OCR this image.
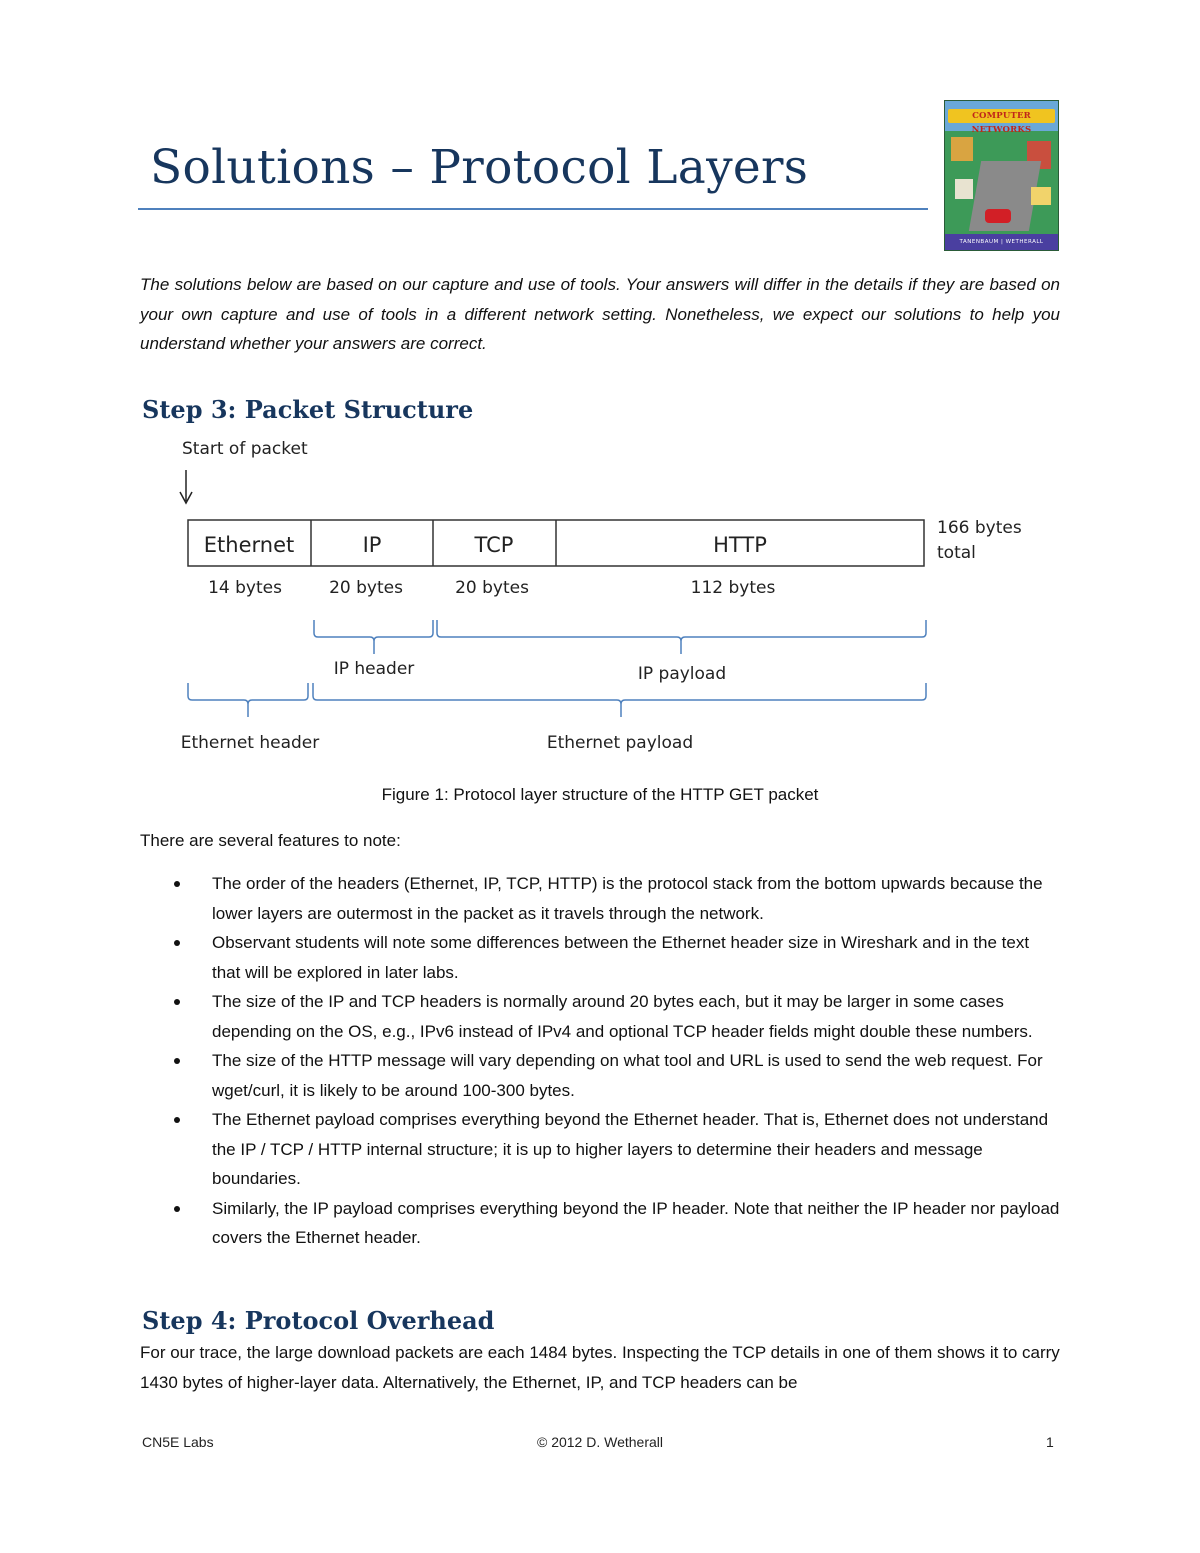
Solutions – Protocol Layers
COMPUTER NETWORKS
TANENBAUM | WETHERALL
The solutions below are based on our capture and use of tools. Your answers will differ in the details if they are based on your own capture and use of tools in a different network setting. Nonetheless, we expect our solutions to help you understand whether your answers are correct.
Step 3: Packet Structure
Start of packet
Ethernet	IP	TCP	HTTP
14 bytes	20 bytes	20 bytes	112 bytes
166 bytes
total
IP header	IP payload
Ethernet header	Ethernet payload
Figure 1: Protocol layer structure of the HTTP GET packet
There are several features to note:
The order of the headers (Ethernet, IP, TCP, HTTP) is the protocol stack from the bottom upwards because the lower layers are outermost in the packet as it travels through the network.
Observant students will note some differences between the Ethernet header size in Wireshark and in the text that will be explored in later labs.
The size of the IP and TCP headers is normally around 20 bytes each, but it may be larger in some cases depending on the OS, e.g., IPv6 instead of IPv4 and optional TCP header fields might double these numbers.
The size of the HTTP message will vary depending on what tool and URL is used to send the web request. For wget/curl, it is likely to be around 100-300 bytes.
The Ethernet payload comprises everything beyond the Ethernet header. That is, Ethernet does not understand the IP / TCP / HTTP internal structure; it is up to higher layers to determine their headers and message boundaries.
Similarly, the IP payload comprises everything beyond the IP header. Note that neither the IP header nor payload covers the Ethernet header.
Step 4: Protocol Overhead
For our trace, the large download packets are each 1484 bytes. Inspecting the TCP details in one of them shows it to carry 1430 bytes of higher-layer data. Alternatively, the Ethernet, IP, and TCP headers can be
CN5E Labs	© 2012 D. Wetherall	1
